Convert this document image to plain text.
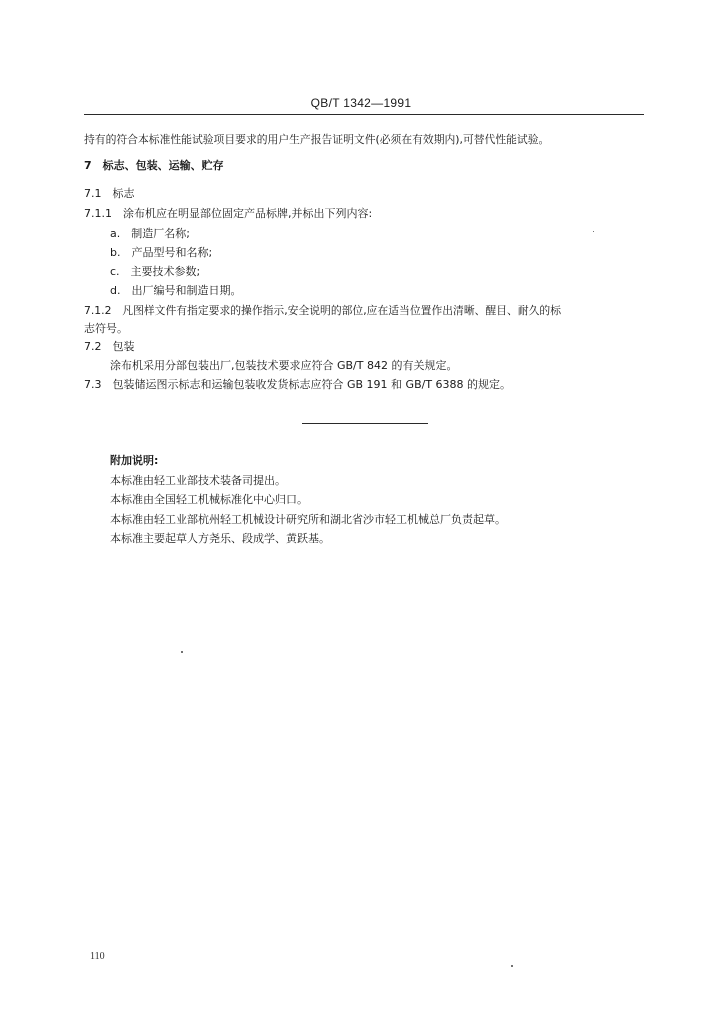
QB/T 1342—1991
持有的符合本标准性能试验项目要求的用户生产报告证明文件(必须在有效期内),可替代性能试验。
7　标志、包装、运输、贮存
7.1　标志
7.1.1　涂布机应在明显部位固定产品标牌,并标出下列内容:
a.　制造厂名称;
b.　产品型号和名称;
c.　主要技术参数;
d.　出厂编号和制造日期。
7.1.2　凡图样文件有指定要求的操作指示,安全说明的部位,应在适当位置作出清晰、醒目、耐久的标
志符号。
7.2　包装
涂布机采用分部包装出厂,包装技术要求应符合 GB/T 842 的有关规定。
7.3　包装储运图示标志和运输包装收发货标志应符合 GB 191 和 GB/T 6388 的规定。
附加说明:
本标准由轻工业部技术装备司提出。
本标准由全国轻工机械标准化中心归口。
本标准由轻工业部杭州轻工机械设计研究所和湖北省沙市轻工机械总厂负责起草。
本标准主要起草人方尧乐、段成学、黄跃基。
110
